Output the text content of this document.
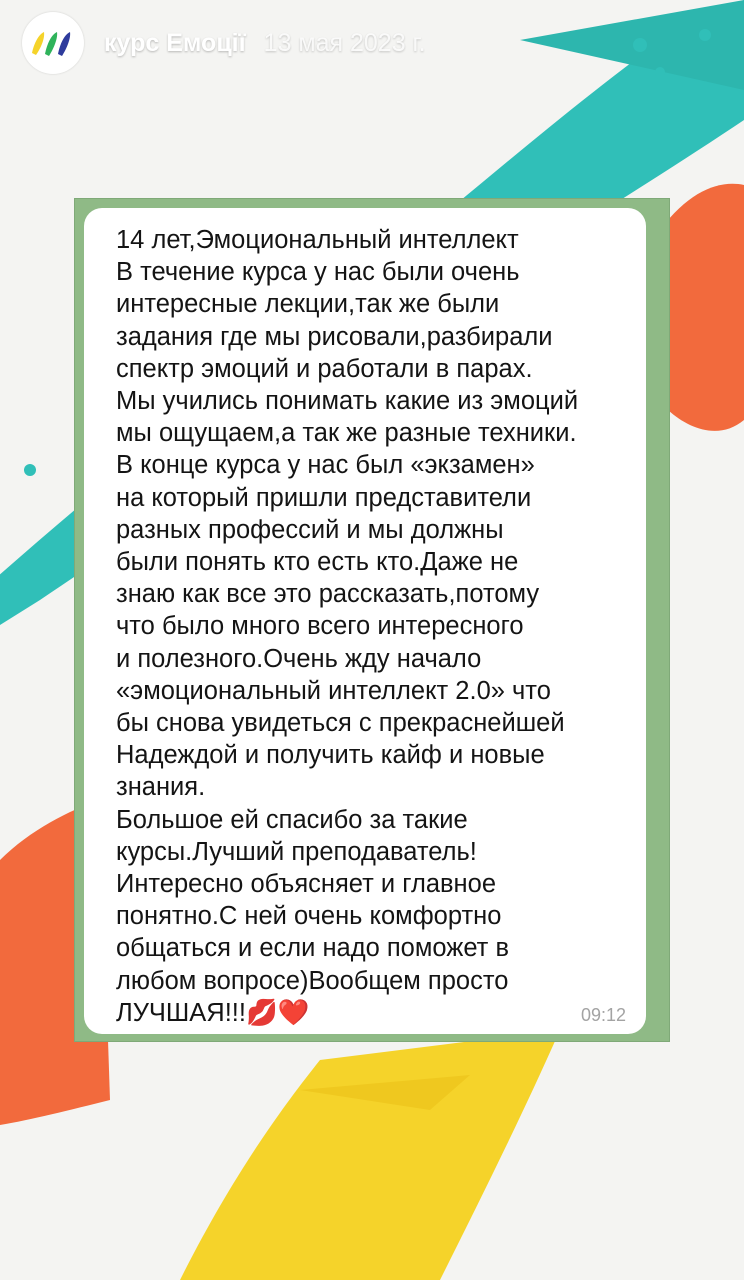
курс Емоції 13 мая 2023 г.

14 лет,Эмоциональный интеллект
В течение курса у нас были очень
интересные лекции,так же были
задания где мы рисовали,разбирали
спектр эмоций и работали в парах.
Мы учились понимать какие из эмоций
мы ощущаем,а так же разные техники.
В конце курса у нас был «экзамен»
на который пришли представители
разных профессий и мы должны
были понять кто есть кто.Даже не
знаю как все это рассказать,потому
что было много всего интересного
и полезного.Очень жду начало
«эмоциональный интеллект 2.0» что
бы снова увидеться с прекраснейшей
Надеждой и получить кайф и новые
знания.
Большое ей спасибо за такие
курсы.Лучший преподаватель!
Интересно объясняет и главное
понятно.С ней очень комфортно
общаться и если надо поможет в
любом вопросе)Вообщем просто
ЛУЧШАЯ!!!💋❤️	09:12
